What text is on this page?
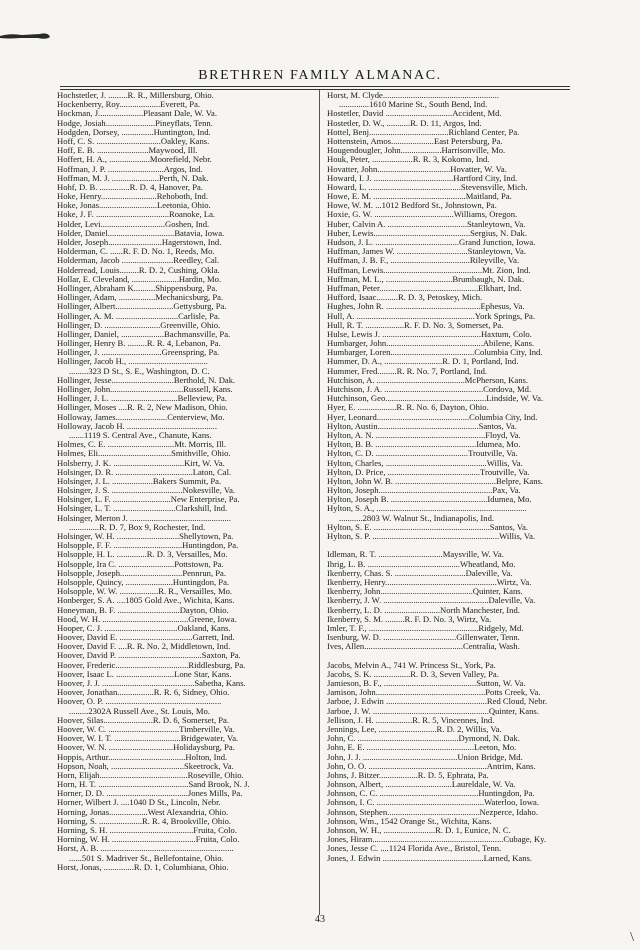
BRETHREN FAMILY ALMANAC.
Hochstetler, J. .........R. R., Millersburg, Ohio.
Hockenberry, Roy...................Everett, Pa.
Hockman, J.....................Pleasant Dale, W. Va.
Hodge, Josiah.......................Pineyflats, Tenn.
Hodgden, Dorsey, ...............Huntington, Ind.
Hoff, C. S. ..............................Oakley, Kans.
Hoff, E. B. ........................Maywood, Ill.
Hoffert, H. A., ...................Moorefield, Nebr.
Hoffman, J. P. ..........................Argos, Ind.
Hoffman, M. J. ......................Perth, N. Dak.
Hohf, D. B. ..............R. D. 4, Hanover, Pa.
Hoke, Henry..........................Rehoboth, Ind.
Hoke, Jonas...........................Leetonia, Ohio.
Hoke, J. F. ..................................Roanoke, La.
Holder, Levi..............................Goshen, Ind.
Holder, Daniel...............................Batavia, Iowa.
Holder, Joseph.........................Hagerstown, Ind.
Holderman, C. ......R. F. D. No. 1, Reeds, Mo.
Holderman, Jacob ........................Reedley, Cal.
Holderread, Louis.........R. D. 2, Cushing, Okla.
Hollar, E. Cleveland, ......................Hardin, Mo.
Hollinger, Abraham K..........Shippensburg, Pa.
Hollinger, Adam, .................Mechanicsburg, Pa.
Hollinger, Albert...........................Gettysburg, Pa.
Hollinger, A. M. .............................Carlisle, Pa.
Hollinger, D. ..........................Greenville, Ohio.
Hollinger, Daniel, ....................Bachmansville, Pa.
Hollinger, Henry B. .........R. R. 4, Lebanon, Pa.
Hollinger, J. ............................Greenspring, Pa.
Hollinger, Jacob H., .....................................
.........323 D St., S. E., Washington, D. C.
Hollinger, Jesse.............................Berthold, N. Dak.
Hollinger, John..................................Russell, Kans.
Hollinger, J. L. ...............................Belleview, Pa.
Hollinger, Moses ....R. R. 2, New Madison, Ohio.
Holloway, James........................Centerview, Mo.
Holloway, Jacob H. ..........................................
.......1119 S. Central Ave., Chanute, Kans.
Holmes, C. E. ...............................Mt. Morris, Ill.
Holmes, Eli..................................Smithville, Ohio.
Holsberry, J. K. .................................Kirt, W. Va.
Holsinger, D. R. ....................................Laton, Cal.
Holsinger, J. L. ...................Bakers Summit, Pa.
Holsinger, J. S. .................................Nokesville, Va.
Holsinger, L. F. ...........................New Enterprise, Pa.
Holsinger, L. T. .............................Clarkshill, Ind.
Holsinger, Merton J. ...............................................
..............R. D. 7, Box 9, Rochester, Ind.
Holsinger, W. H. .............................Shellytown, Pa.
Holsopple, F. F. ................................Huntingdon, Pa.
Holsopple, H. L. ..............R. D. 3, Versailles, Mo.
Holsopple, Ira C. ..........................Pottstown, Pa.
Holsopple, Joseph.............................Pennrun, Pa.
Holsopple, Quincy, ......................Huntingdon, Pa.
Holsopple, W. W. ..................R. R., Versailles, Mo.
Honberger, S. A. ....1805 Gold Ave., Wichita, Kans.
Honeyman, B. F. .............................Dayton, Ohio.
Hood, W. H. ........................................Greene, Iowa.
Hooper, C. J. ..................................Oakland, Kans.
Hoover, David E. ..................................Garrett, Ind.
Hoover, David F. ....R. R. No. 2, Middletown, Ind.
Hoover, David P. .......................................Saxton, Pa.
Hoover, Frederic..................................Riddlesburg, Pa.
Hoover, Isaac L. ...........................Lone Star, Kans.
Hoover, J. J. ...........................................Sabetha, Kans.
Hoover, Jonathan.................R. R. 6, Sidney, Ohio.
Hoover, O. P. ......................................................
.........2302A Russell Ave., St. Louis, Mo.
Hoover, Silas.......................R. D. 6, Somerset, Pa.
Hoover, W. C. .................................Timberville, Va.
Hoover, W. I. T. ...............................Bridgewater, Va.
Hoover, W. N. ..............................Holidaysburg, Pa.
Hoppis, Arthur....................................Holton, Ind.
Hopson, Noah, ..................................Skeetrock, Va.
Horn, Elijah.........................................Roseville, Ohio.
Horn, H. T. ..........................................Sand Brook, N. J.
Horner, D. D. ......................................Jones Mills, Pa.
Horner, Wilbert J. ....1040 D St., Lincoln, Nebr.
Horning, Jonas..................West Alexandria, Ohio.
Horning, S. ....................R. R. 4, Brookville, Ohio.
Horning, S. H. .......................................Fruita, Colo.
Horning, W. H. .......................................Fruita, Colo.
Horst, A. B. ..............................................................
......501 S. Madriver St., Bellefontaine, Ohio.
Horst, Jonas, ..............R. D. 1, Columbiana, Ohio.
Horst, M. Clyde......................................................
..............1610 Marine St., South Bend, Ind.
Hostetler, David ...............................Accident, Md.
Hostetler, D. W., ...........R. D. 11, Argos, Ind.
Hottel, Benj.....................................Richland Center, Pa.
Hottenstein, Amos....................East Petersburg, Pa.
Hougendougler, John...................Harrisonville, Mo.
Houk, Peter, ...................R. R. 3, Kokomo, Ind.
Hovatter, John..................................Hovatter, W. Va.
Howard, I. J. .....................................Hartford City, Ind.
Howard, L. ...........................................Stevensville, Mich.
Howe, E. M. ...........................................Maitland, Pa.
Howe, W. M. ...1012 Bedford St., Johnstown, Pa.
Hoxie, G. W. .....................................Williams, Oregon.
Huber, Calvin A. .....................................Stanleytown, Va.
Huber, Lewis.............................................Sergius, N. Dak.
Hudson, J. L. .......................................Grand Junction, Iowa.
Huffman, James W. .................................Stanleytown, Va.
Huffman, J. B. F., .....................................Rileyville, Va.
Huffman, Lewis..............................................Mt. Zion, Ind.
Huffman, M. L., ...............................Brumbaugh, N. Dak.
Huffman, Peter..............................................Elkhart, Ind.
Hufford, Isaac..........R. D. 3, Petoskey, Mich.
Hughes, John R. ............................................Ephesus, Va.
Hull, A. .......................................................York Springs, Pa.
Hull, R. T. ..................R. F. D. No. 3, Somerset, Pa.
Hulse, Lewis J. ..............................................Haxtum, Colo.
Humbarger, John.............................................Abilene, Kans.
Humbarger, Loren.......................................Columbia City, Ind.
Hummer, D. A., ...........................R. D. 1, Portland, Ind.
Hummer, Fred.........R. R. No. 7, Portland, Ind.
Hutchison, A. .........................................McPherson, Kans.
Hutchison, J. A. ..............................................Cordova, Md.
Hutchinson, Geo...............................................Lindside, W. Va.
Hyer, E. ..................R. R. No. 6, Dayton, Ohio.
Hyer, Leonard...........................................Columbia City, Ind.
Hylton, Austin...............................................Santos, Va.
Hylton, A. N. ...................................................Floyd, Va.
Hylton, B. B. ...............................................Idumea, Mo.
Hylton, C. D. ...........................................Troutville, Va.
Hylton, Charles, ...............................................Willis, Va.
Hylton, D. Price, ...........................................Troutville, Va.
Hylton, John W. B. ...............................................Belpre, Kans.
Hylton, Joseph.....................................................Pax, Va.
Hylton, Joseph B. .............................................Idumea, Mo.
Hylton, S. A., ......................................................................
...........2803 W. Walnut St., Indianapolis, Ind.
Hylton, S. E. ......................................................Santos, Va.
Hylton, S. P. ...........................................................Willis, Va.
Idleman, R. T. ..............................Maysville, W. Va.
Ihrig, L. B. ...........................................Wheatland, Mo.
Ikenberry, Chas. S. .................................Daleville, Va.
Ikenberry, Henry....................................................Wirtz, Va.
Ikenberry, John...........................................Quinter, Kans.
Ikenberry, J. W. .................................................Daleville, Va.
Ikenberry, L. D. ..........................North Manchester, Ind.
Ikenberry, S. M. .........R. F. D. No. 3, Wirtz, Va.
Imler, T. F., ...................................................Ridgely, Md.
Isenburg, W. D. ..................................Gillenwater, Tenn.
Ives, Allen..............................................Centralia, Wash.
Jacobs, Melvin A., 741 W. Princess St., York, Pa.
Jacobs, S. K. .................R. D. 3, Seven Valley, Pa.
Jamieson, B. F., ...........................................Sutton, W. Va.
Jamison, John...................................................Potts Creek, Va.
Jarboe, J. Edwin ...............................................Red Cloud, Nebr.
Jarboe, J. W. ......................................................Quinter, Kans.
Jellison, J. H. .................R. R. 5, Vincennes, Ind.
Jennings, Lee, ...........................R. D. 2, Willis, Va.
John, C. ...............................................Dymond, N. Dak.
John, E. E. ..................................................Leeton, Mo.
John, J. J. ............................................Union Bridge, Md.
John, O. O. .......................................................Antrim, Kans.
Johns, J. Bitzer..................R. D. 5, Ephrata, Pa.
Johnson, Albert, ...............................Laureldale, W. Va.
Johnson, C. C. ..............................................Huntingdon, Pa.
Johnson, I. C. ..................................................Waterloo, Iowa.
Johnson, Stephen...........................................Nezperce, Idaho.
Johnson, Wm., 1542 Orange St., Wichita, Kans.
Johnson, W. H., ........................R. D. 1, Eunice, N. C.
Jones, Hiram.............................................................Cubage, Ky.
Jones, Jesse C. ....1124 Florida Ave., Bristol, Tenn.
Jones, J. Edwin ...............................................Larned, Kans.
43
\
